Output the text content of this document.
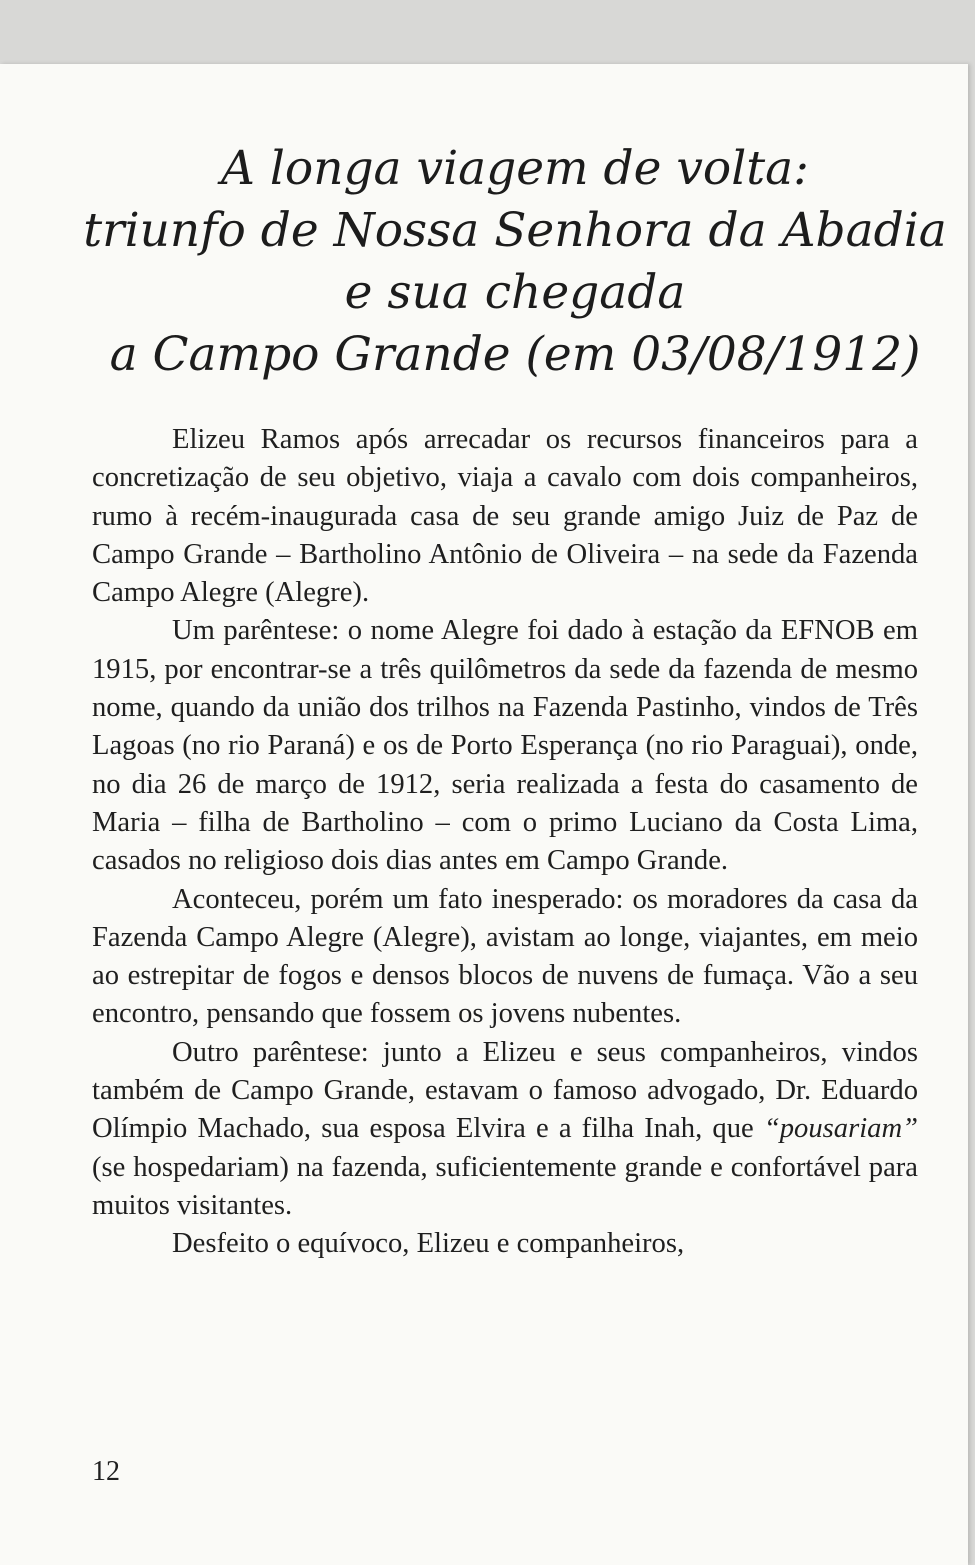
A longa viagem de volta:
triunfo de Nossa Senhora da Abadia
e sua chegada
a Campo Grande (em 03/08/1912)

Elizeu Ramos após arrecadar os recursos financeiros para a concretização de seu objetivo, viaja a cavalo com dois companheiros, rumo à recém-inaugurada casa de seu grande amigo Juiz de Paz de Campo Grande – Bartholino Antônio de Oliveira – na sede da Fazenda Campo Alegre (Alegre).

Um parêntese: o nome Alegre foi dado à estação da EFNOB em 1915, por encontrar-se a três quilômetros da sede da fazenda de mesmo nome, quando da união dos trilhos na Fazenda Pastinho, vindos de Três Lagoas (no rio Paraná) e os de Porto Esperança (no rio Paraguai), onde, no dia 26 de março de 1912, seria realizada a festa do casamento de Maria – filha de Bartholino – com o primo Luciano da Costa Lima, casados no religioso dois dias antes em Campo Grande.

Aconteceu, porém um fato inesperado: os moradores da casa da Fazenda Campo Alegre (Alegre), avistam ao longe, viajantes, em meio ao estrepitar de fogos e densos blocos de nuvens de fumaça. Vão a seu encontro, pensando que fossem os jovens nubentes.

Outro parêntese: junto a Elizeu e seus companheiros, vindos também de Campo Grande, estavam o famoso advogado, Dr. Eduardo Olímpio Machado, sua esposa Elvira e a filha Inah, que “pousariam” (se hospedariam) na fazenda, suficientemente grande e confortável para muitos visitantes.

Desfeito o equívoco, Elizeu e companheiros,

12
